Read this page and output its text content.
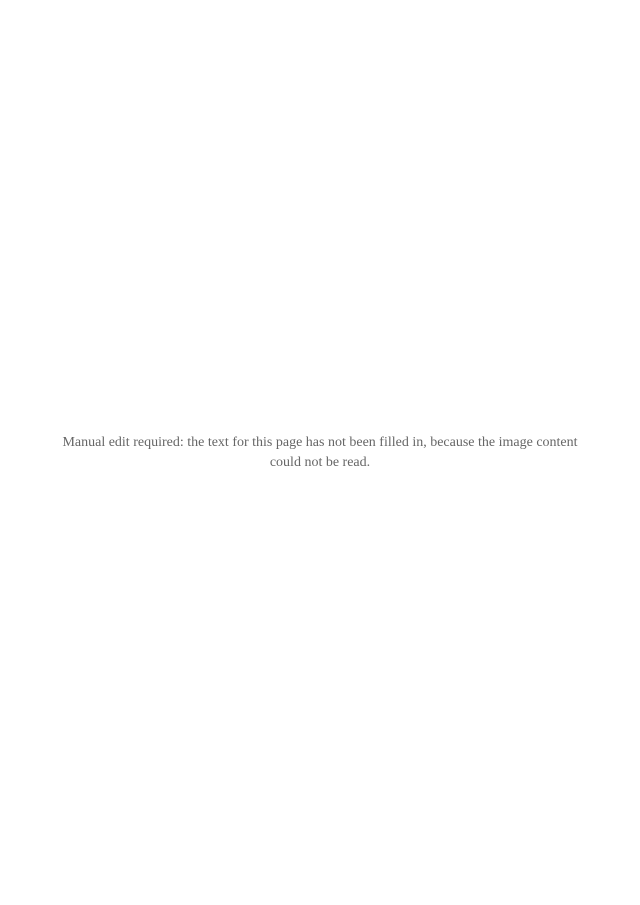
Manual edit required: the text for this page has not been filled in, because the image content could not be read.
